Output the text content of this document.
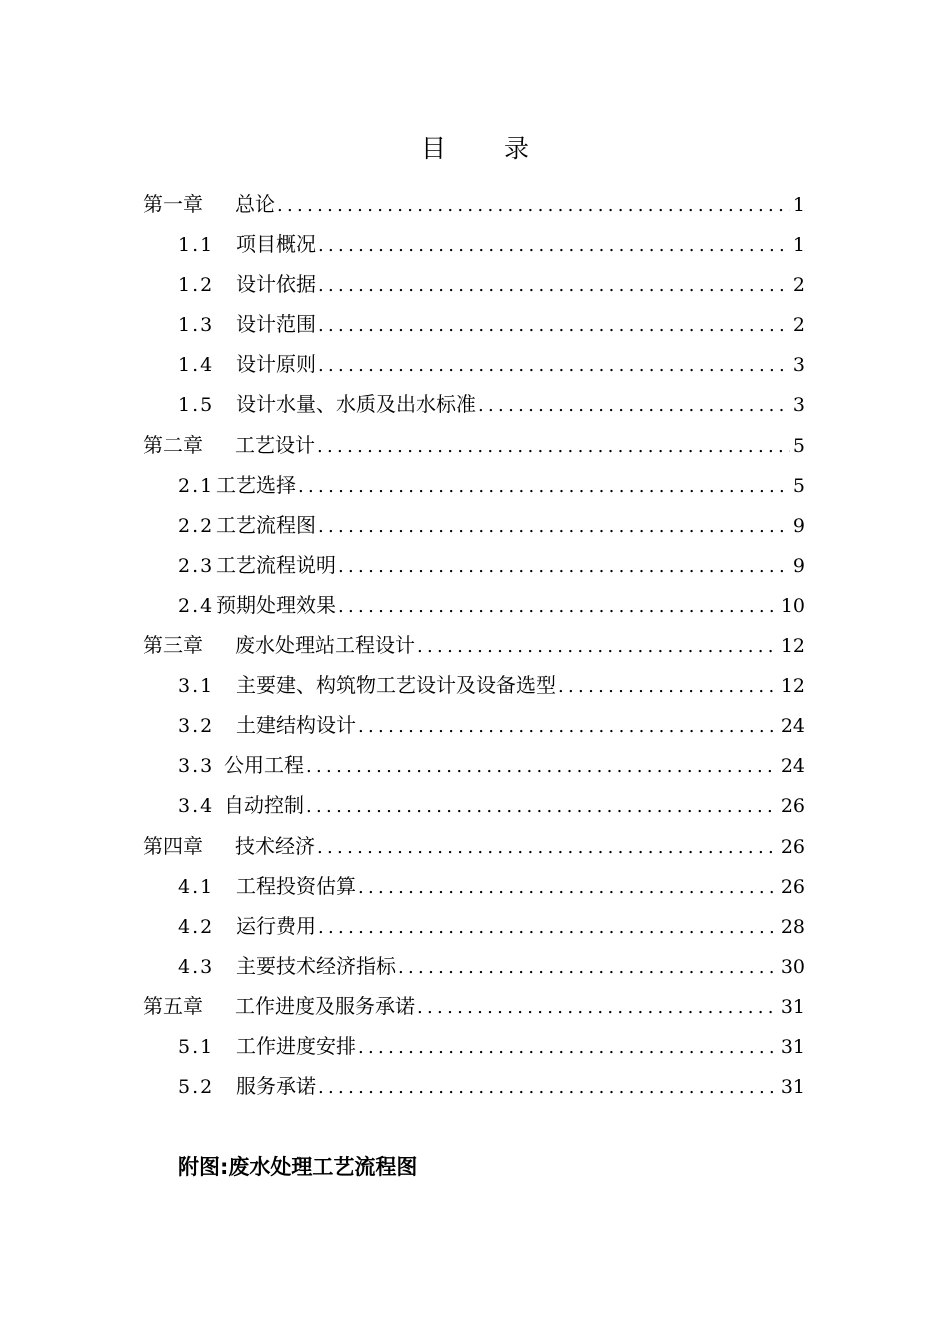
目 录
第一章	总论 .....	1
1.1	项目概况 .....	1
1.2	设计依据 .....	2
1.3	设计范围 .....	2
1.4	设计原则 .....	3
1.5	设计水量、水质及出水标准 .....	3
第二章	工艺设计 .....	5
2.1 工艺选择 .....	5
2.2 工艺流程图 .....	9
2.3 工艺流程说明 .....	9
2.4 预期处理效果 .....	10
第三章	废水处理站工程设计 .....	12
3.1	主要建、构筑物工艺设计及设备选型 .....	12
3.2	土建结构设计 .....	24
3.3 公用工程 .....	24
3.4 自动控制 .....	26
第四章	技术经济 .....	26
4.1	工程投资估算 .....	26
4.2	运行费用 .....	28
4.3	主要技术经济指标 .....	30
第五章	工作进度及服务承诺 .....	31
5.1	工作进度安排 .....	31
5.2	服务承诺 .....	31
附图:废水处理工艺流程图
